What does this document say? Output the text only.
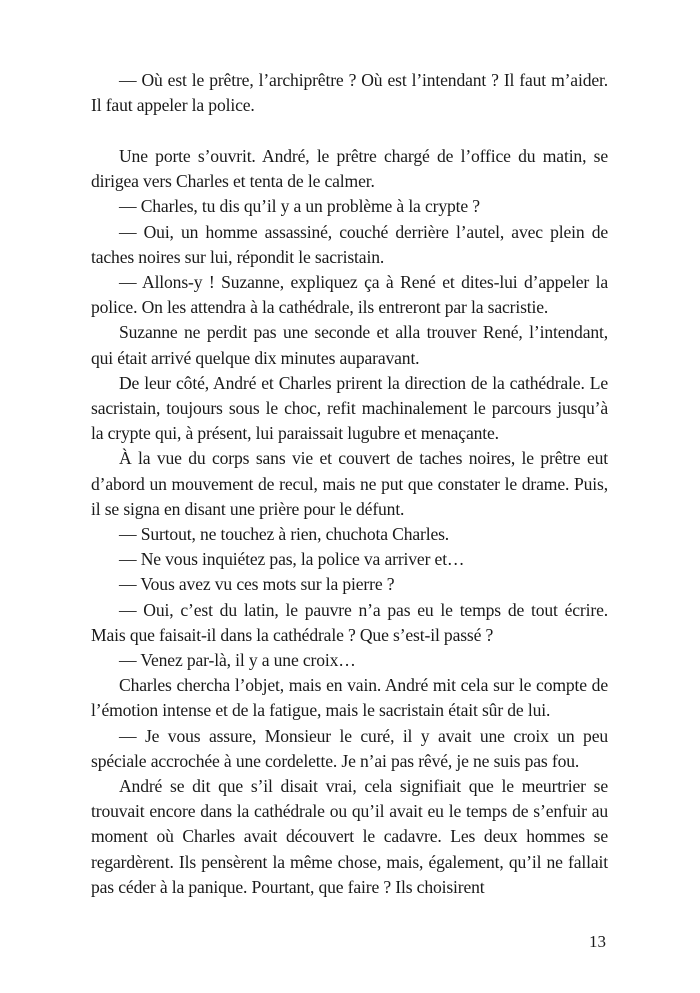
— Où est le prêtre, l’archiprêtre ? Où est l’intendant ? Il faut m’aider. Il faut appeler la police.

Une porte s’ouvrit. André, le prêtre chargé de l’office du matin, se dirigea vers Charles et tenta de le calmer.

— Charles, tu dis qu’il y a un problème à la crypte ?

— Oui, un homme assassiné, couché derrière l’autel, avec plein de taches noires sur lui, répondit le sacristain.

— Allons-y ! Suzanne, expliquez ça à René et dites-lui d’appeler la police. On les attendra à la cathédrale, ils entreront par la sacristie.

Suzanne ne perdit pas une seconde et alla trouver René, l’intendant, qui était arrivé quelque dix minutes auparavant.

De leur côté, André et Charles prirent la direction de la cathédrale. Le sacristain, toujours sous le choc, refit machinalement le parcours jusqu’à la crypte qui, à présent, lui paraissait lugubre et menaçante.

À la vue du corps sans vie et couvert de taches noires, le prêtre eut d’abord un mouvement de recul, mais ne put que constater le drame. Puis, il se signa en disant une prière pour le défunt.

— Surtout, ne touchez à rien, chuchota Charles.

— Ne vous inquiétez pas, la police va arriver et…

— Vous avez vu ces mots sur la pierre ?

— Oui, c’est du latin, le pauvre n’a pas eu le temps de tout écrire. Mais que faisait-il dans la cathédrale ? Que s’est-il passé ?

— Venez par-là, il y a une croix…

Charles chercha l’objet, mais en vain. André mit cela sur le compte de l’émotion intense et de la fatigue, mais le sacristain était sûr de lui.

— Je vous assure, Monsieur le curé, il y avait une croix un peu spéciale accrochée à une cordelette. Je n’ai pas rêvé, je ne suis pas fou.

André se dit que s’il disait vrai, cela signifiait que le meurtrier se trouvait encore dans la cathédrale ou qu’il avait eu le temps de s’enfuir au moment où Charles avait découvert le cadavre. Les deux hommes se regardèrent. Ils pensèrent la même chose, mais, également, qu’il ne fallait pas céder à la panique. Pourtant, que faire ? Ils choisirent

13
